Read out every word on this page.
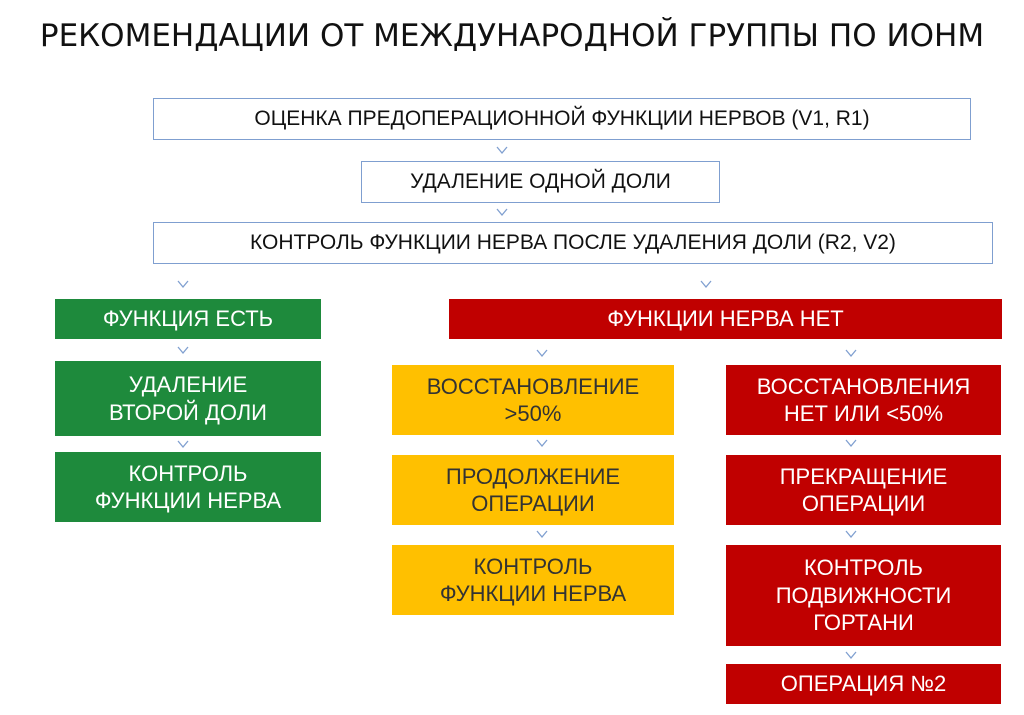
РЕКОМЕНДАЦИИ ОТ МЕЖДУНАРОДНОЙ ГРУППЫ ПО ИОНМ
ОЦЕНКА ПРЕДОПЕРАЦИОННОЙ ФУНКЦИИ НЕРВОВ (V1, R1)
УДАЛЕНИЕ ОДНОЙ ДОЛИ
КОНТРОЛЬ ФУНКЦИИ НЕРВА ПОСЛЕ УДАЛЕНИЯ ДОЛИ (R2, V2)
ФУНКЦИЯ ЕСТЬ
УДАЛЕНИЕ
ВТОРОЙ ДОЛИ
КОНТРОЛЬ
ФУНКЦИИ НЕРВА
ФУНКЦИИ НЕРВА НЕТ
ВОССТАНОВЛЕНИЕ
>50%
ПРОДОЛЖЕНИЕ
ОПЕРАЦИИ
КОНТРОЛЬ
ФУНКЦИИ НЕРВА
ВОССТАНОВЛЕНИЯ
НЕТ ИЛИ <50%
ПРЕКРАЩЕНИЕ
ОПЕРАЦИИ
КОНТРОЛЬ
ПОДВИЖНОСТИ
ГОРТАНИ
ОПЕРАЦИЯ №2
